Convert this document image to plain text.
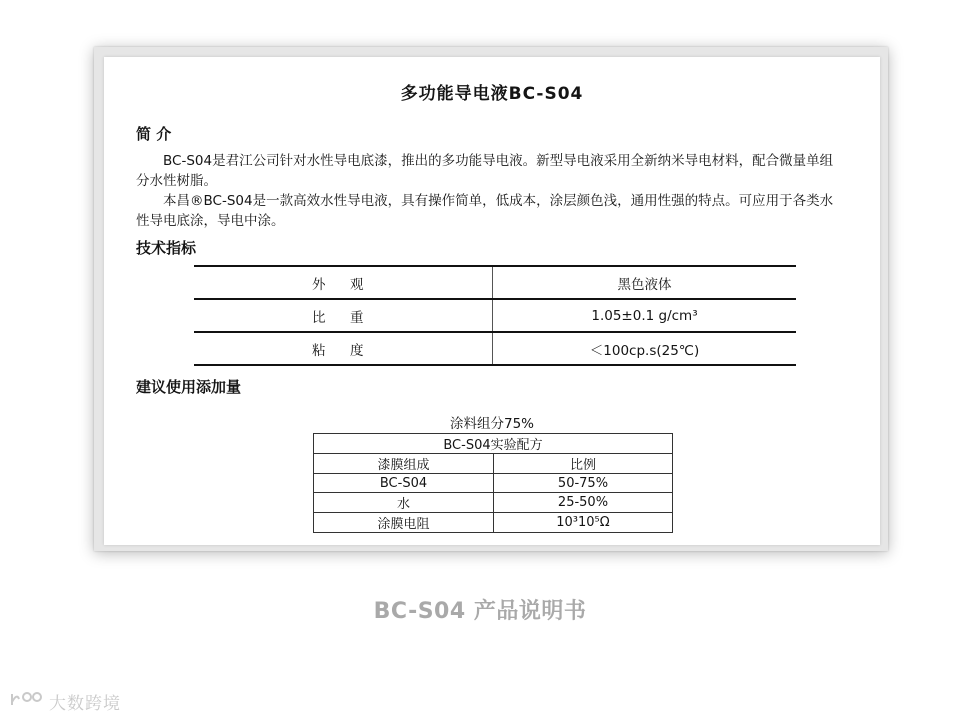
多功能导电液BC-S04
简 介

BC-S04是君江公司针对水性导电底漆，推出的多功能导电液。新型导电液采用全新纳米导电材料，配合微量单组分水性树脂。

本昌®BC-S04是一款高效水性导电液，具有操作简单，低成本，涂层颜色浅，通用性强的特点。可应用于各类水性导电底涂，导电中涂。

技术指标
外     观	黑色液体
比     重	1.05±0.1 g/cm³
粘     度	＜100cp.s(25℃)
建议使用添加量

涂料组分75%

BC-S04实验配方	
漆膜组成	比例
BC-S04	50-75%
水	25-50%
涂膜电阻	10³10⁵Ω

BC-S04 产品说明书

大数跨境
